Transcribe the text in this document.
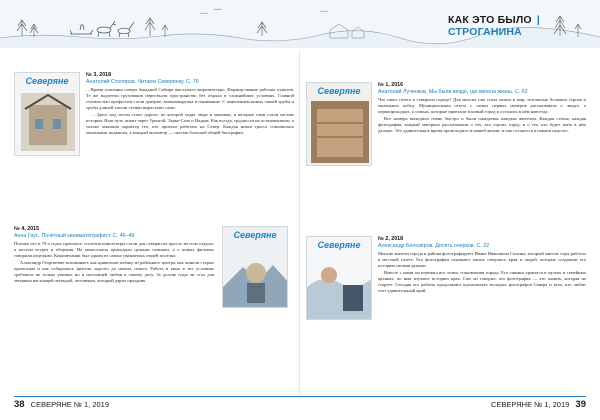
КАК ЭТО БЫЛО | СТРОГАНИНА
Северяне
№ 3, 2018
Анатолий Столяров. Читаем Северянку. С. 76

…Время освоения севера Западной Сибири выступало выразительно. Формир-ование рабочих пунктов. Те же водители грузовиков пересекали пространство без отдыха в сложнейших условиях. Главной стоимостью профессии стали доверие, взаимовыручка и понимание. С появлением новых связей трубы и трубы длиной тягали стенки вырастают сами.

…Здесь под лесом стоит дорога, по которой ходят люди и машины, и которые сами стали частью истории. Наш путь лежит через Уренгой, Тарко-Сале и Надым. Как всегда, трудности не останавливали, а только закаляли характер тех, кто приехал работать на Север. Каждая новая трасса становилась маленьким подвигом, а каждый километр — частью большой общей биографии.

№ 4, 2015
Анна Гаус. Почётный кинематографист. С. 46–49

Похоже что в 70-х годах прошлого столетия кинотеатры стали для северян не просто местом отдыха, а местом встреч и общения. На киносеансы приходили целыми семьями, а о новых фильмах говорили неделями. Киномеханик был одним из самых уважаемых людей посёлка.

Александр Георгиевич вспоминает, как привозили плёнку из районного центра, как чинили старые проекторы и как собирались зрители задолго до начала сеанса. Работа в кино в тех условиях требовала не только умения, но и настоящей любви к своему делу. За долгие годы он стал для земляков настоящей легендой, человеком, который дарил праздник.

Северяне
Северяне
№ 1, 2016
Анатолий Лученков. Мы были везде, где кипела жизнь. С. 62

Что такое газета в северном городе? Для многих она стала окном в мир, летописью больших строек и маленьких побед. Муниципальная газета с самых первых номеров рассказывала о людях, о первопроходцах, о семьях, которые приехали в новый город и остались в нём навсегда.

Все номера выходили очень быстро и были ожидаемы каждым жителем. Каждая статья, каждая фотография, каждый материал рассказывали о тех, кто строил город, и о тех, кто будет жить в нём дальше. Это удивительное время происходило в нашей жизни, и оно останется в памяти надолго.

Северяне
№ 2, 2018
Александр Белозёров. Десять очерков. С. 22

Многие жители города и района фотографируют Ивана Ивановича Сытина, который многие годы работал в местной газете. Его фотографии отражают жизнь северного края и людей, которые создавали его историю своими руками.

Вместе с ними он пережил все этапы становления города. Его снимки хранятся в музеях и семейных архивах, по ним изучают историю края. Сам он говорил, что фотография — это память, которая не стареет. Сегодня его работы продолжают вдохновлять молодых фотографов Севера и всех, кто любит этот удивительный край.

38 СЕВЕРЯНЕ № 1, 2019	СЕВЕРЯНЕ № 1, 2019 39
